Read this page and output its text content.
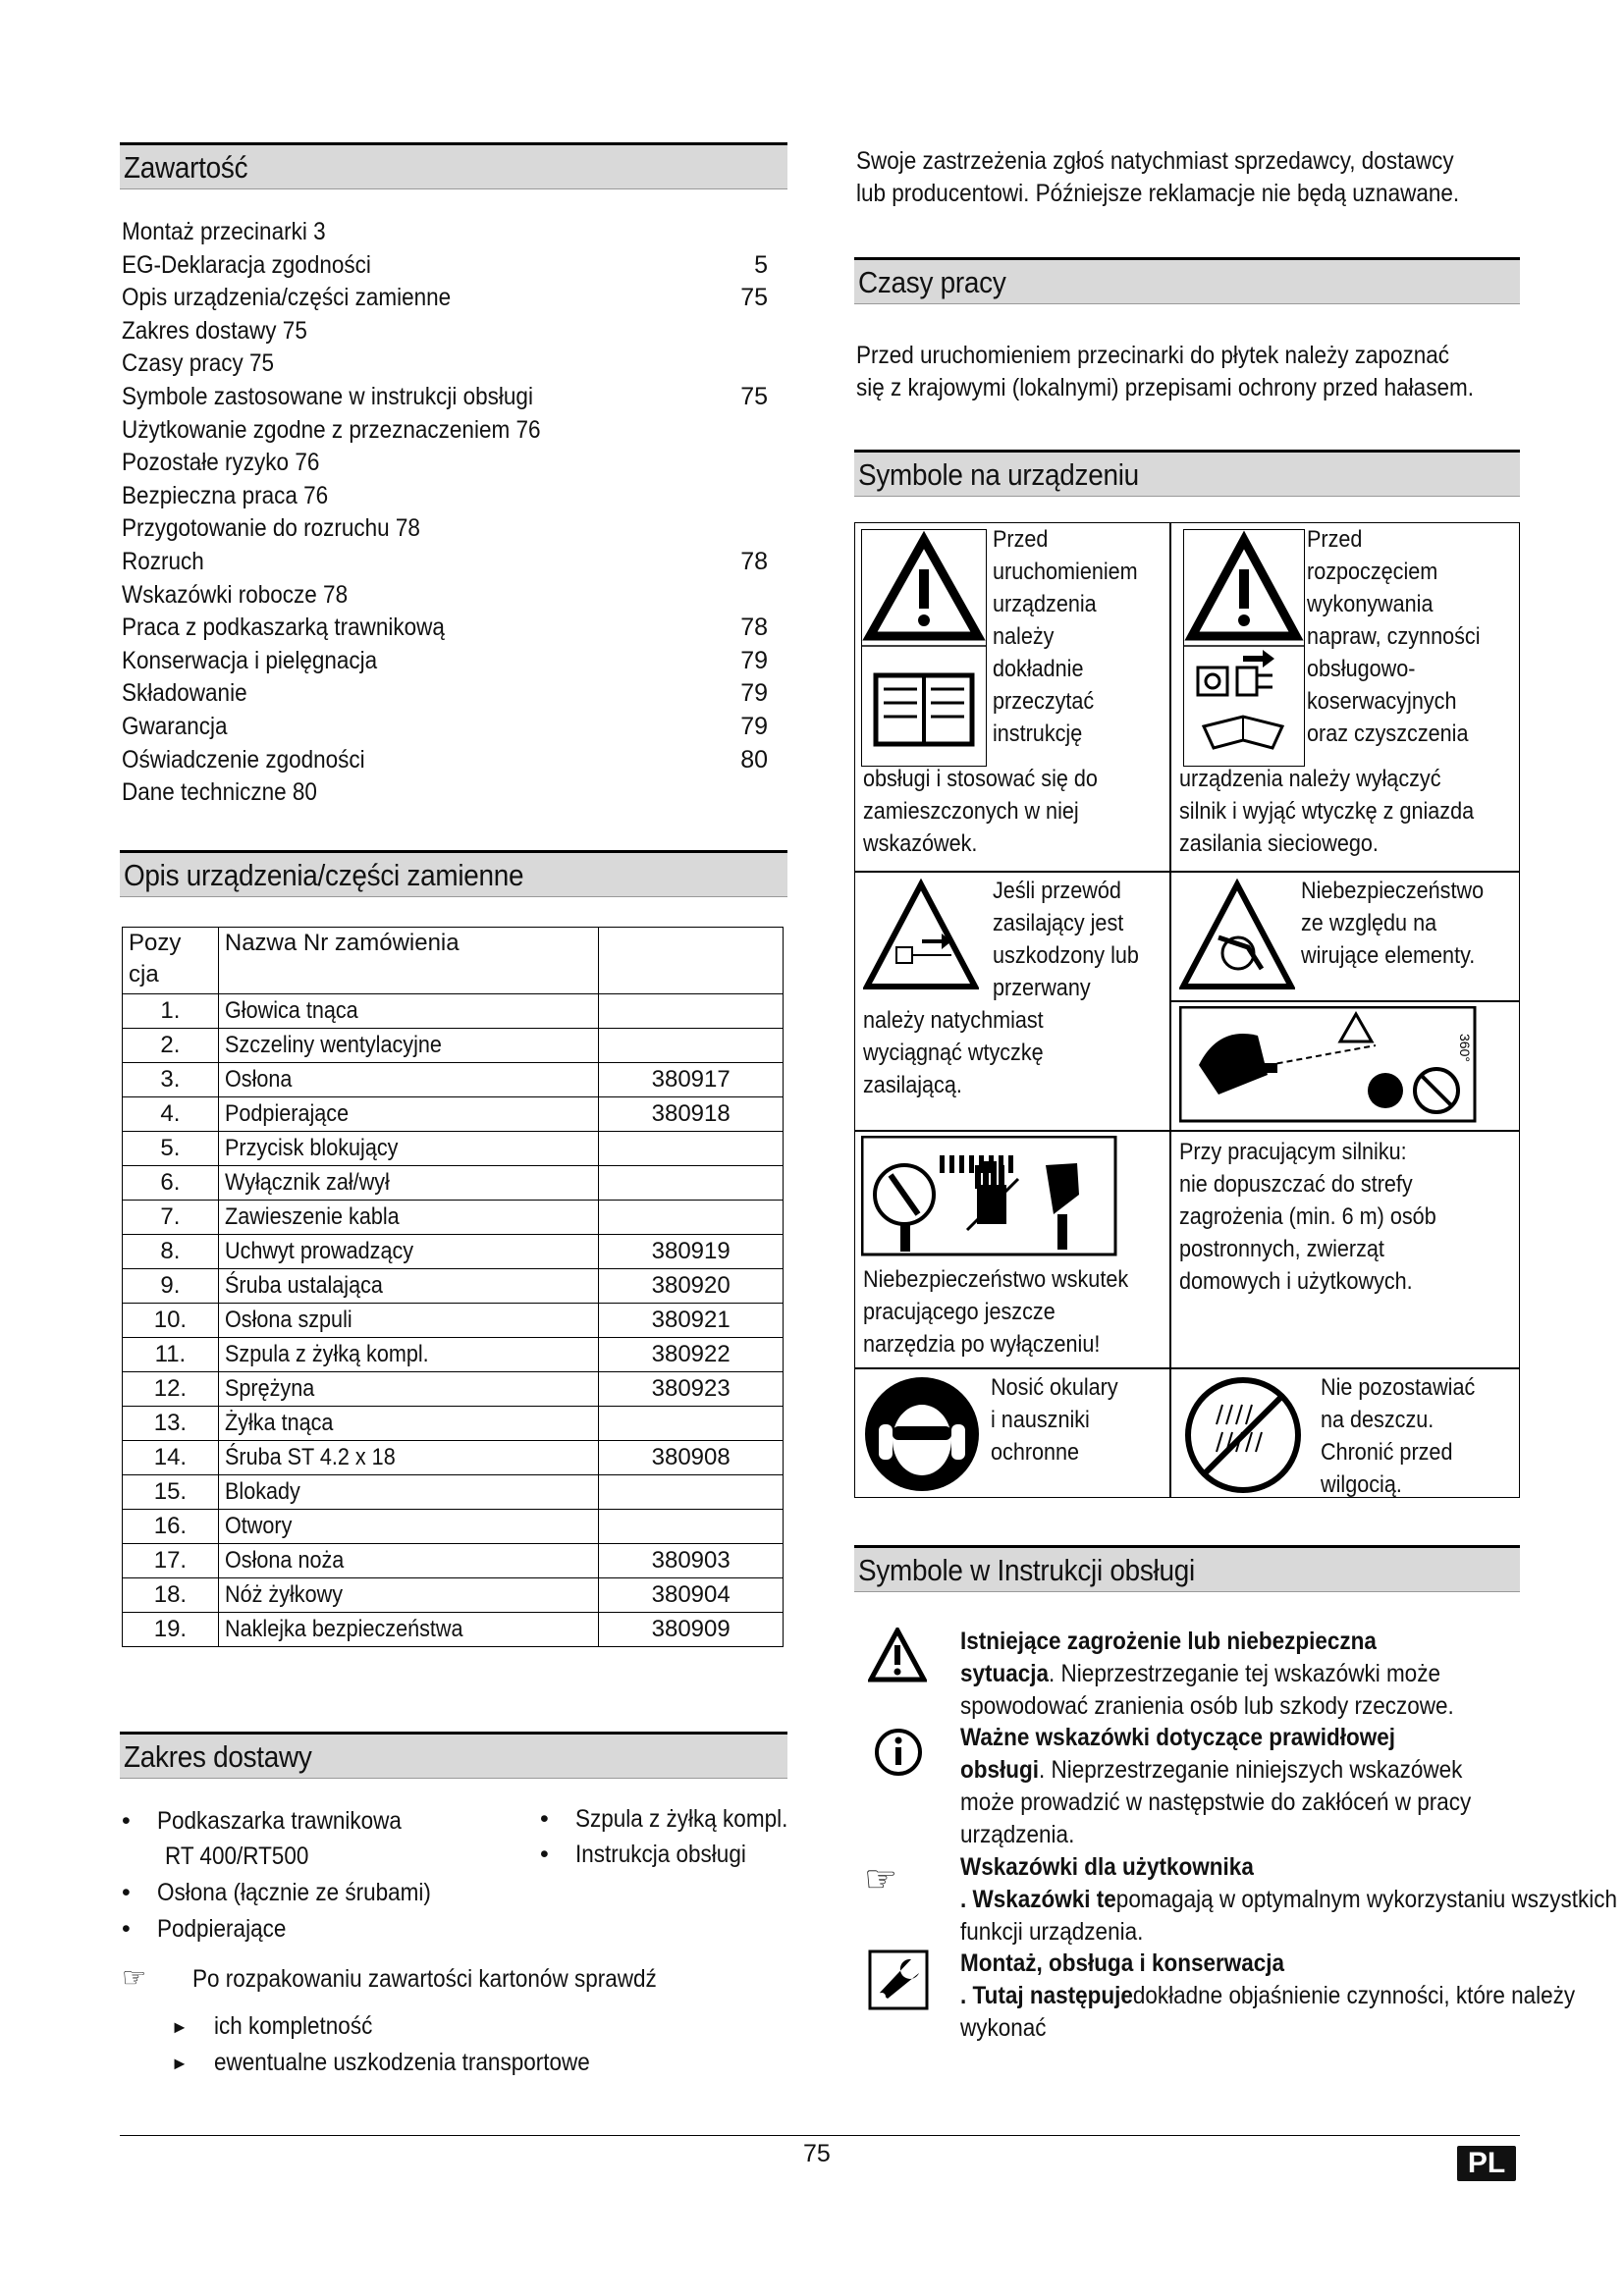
Zawartość
Montaż przecinarki 3
EG-Deklaracja zgodności	5
Opis urządzenia/części zamienne	75
Zakres dostawy 75
Czasy pracy 75
Symbole zastosowane w instrukcji obsługi	75
Użytkowanie zgodne z przeznaczeniem 76
Pozostałe ryzyko 76
Bezpieczna praca 76
Przygotowanie do rozruchu 78
Rozruch	78
Wskazówki robocze 78
Praca z podkaszarką trawnikową	78
Konserwacja i pielęgnacja	79
Składowanie	79
Gwarancja	79
Oświadczenie zgodności	80
Dane techniczne 80
Opis urządzenia/części zamienne
Pozy cja	Nazwa Nr zamówienia	
1.	Głowica tnąca	
2.	Szczeliny wentylacyjne	
3.	Osłona	380917
4.	Podpierające	380918
5.	Przycisk blokujący	
6.	Wyłącznik zał/wył	
7.	Zawieszenie kabla	
8.	Uchwyt prowadzący	380919
9.	Śruba ustalająca	380920
10.	Osłona szpuli	380921
11.	Szpula z żyłką kompl.	380922
12.	Sprężyna	380923
13.	Żyłka tnąca	
14.	Śruba ST 4.2 x 18	380908
15.	Blokady	
16.	Otwory	
17.	Osłona noża	380903
18.	Nóż żyłkowy	380904
19.	Naklejka bezpieczeństwa	380909
Zakres dostawy
• Podkaszarka trawnikowa
RT 400/RT500
• Osłona (łącznie ze śrubami)
• Podpierające
• Szpula z żyłką kompl.
• Instrukcja obsługi
☞ Po rozpakowaniu zawartości kartonów sprawdź
► ich kompletność
► ewentualne uszkodzenia transportowe
Swoje zastrzeżenia zgłoś natychmiast sprzedawcy, dostawcy
lub producentowi. Późniejsze reklamacje nie będą uznawane.
Czasy pracy
Przed uruchomieniem przecinarki do płytek należy zapoznać
się z krajowymi (lokalnymi) przepisami ochrony przed hałasem.
Symbole na urządzeniu
Przed
uruchomieniem
urządzenia
należy
dokładnie
przeczytać
instrukcję
obsługi i stosować się do
zamieszczonych w niej
wskazówek.
Przed
rozpoczęciem
wykonywania
napraw, czynności
obsługowo-
koserwacyjnych
oraz czyszczenia
urządzenia należy wyłączyć
silnik i wyjąć wtyczkę z gniazda
zasilania sieciowego.
Jeśli przewód
zasilający jest
uszkodzony lub
przerwany
należy natychmiast
wyciągnąć wtyczkę
zasilającą.
Niebezpieczeństwo
ze względu na
wirujące elementy.
360°
Przy pracującym silniku:
nie dopuszczać do strefy
zagrożenia (min. 6 m) osób
postronnych, zwierząt
domowych i użytkowych.
Niebezpieczeństwo wskutek
pracującego jeszcze
narzędzia po wyłączeniu!
Nosić okulary
i nauszniki
ochronne
Nie pozostawiać
na deszczu.
Chronić przed
wilgocią.
Symbole w Instrukcji obsługi
Istniejące zagrożenie lub niebezpiecznasytuacja. Nieprzestrzeganie tej wskazówki możespowodować zranienia osób lub szkody rzeczowe.
Ważne wskazówki dotyczące prawidłowejobsługi. Nieprzestrzeganie niniejszych wskazówekmoże prowadzić w następstwie do zakłóceń w pracyurządzenia.
☞	Wskazówki dla użytkownika. Wskazówki tepomagają w optymalnym wykorzystaniu wszystkichfunkcji urządzenia.
Montaż, obsługa i konserwacja. Tutaj następujedokładne objaśnienie czynności, które należywykonać
75	PL
